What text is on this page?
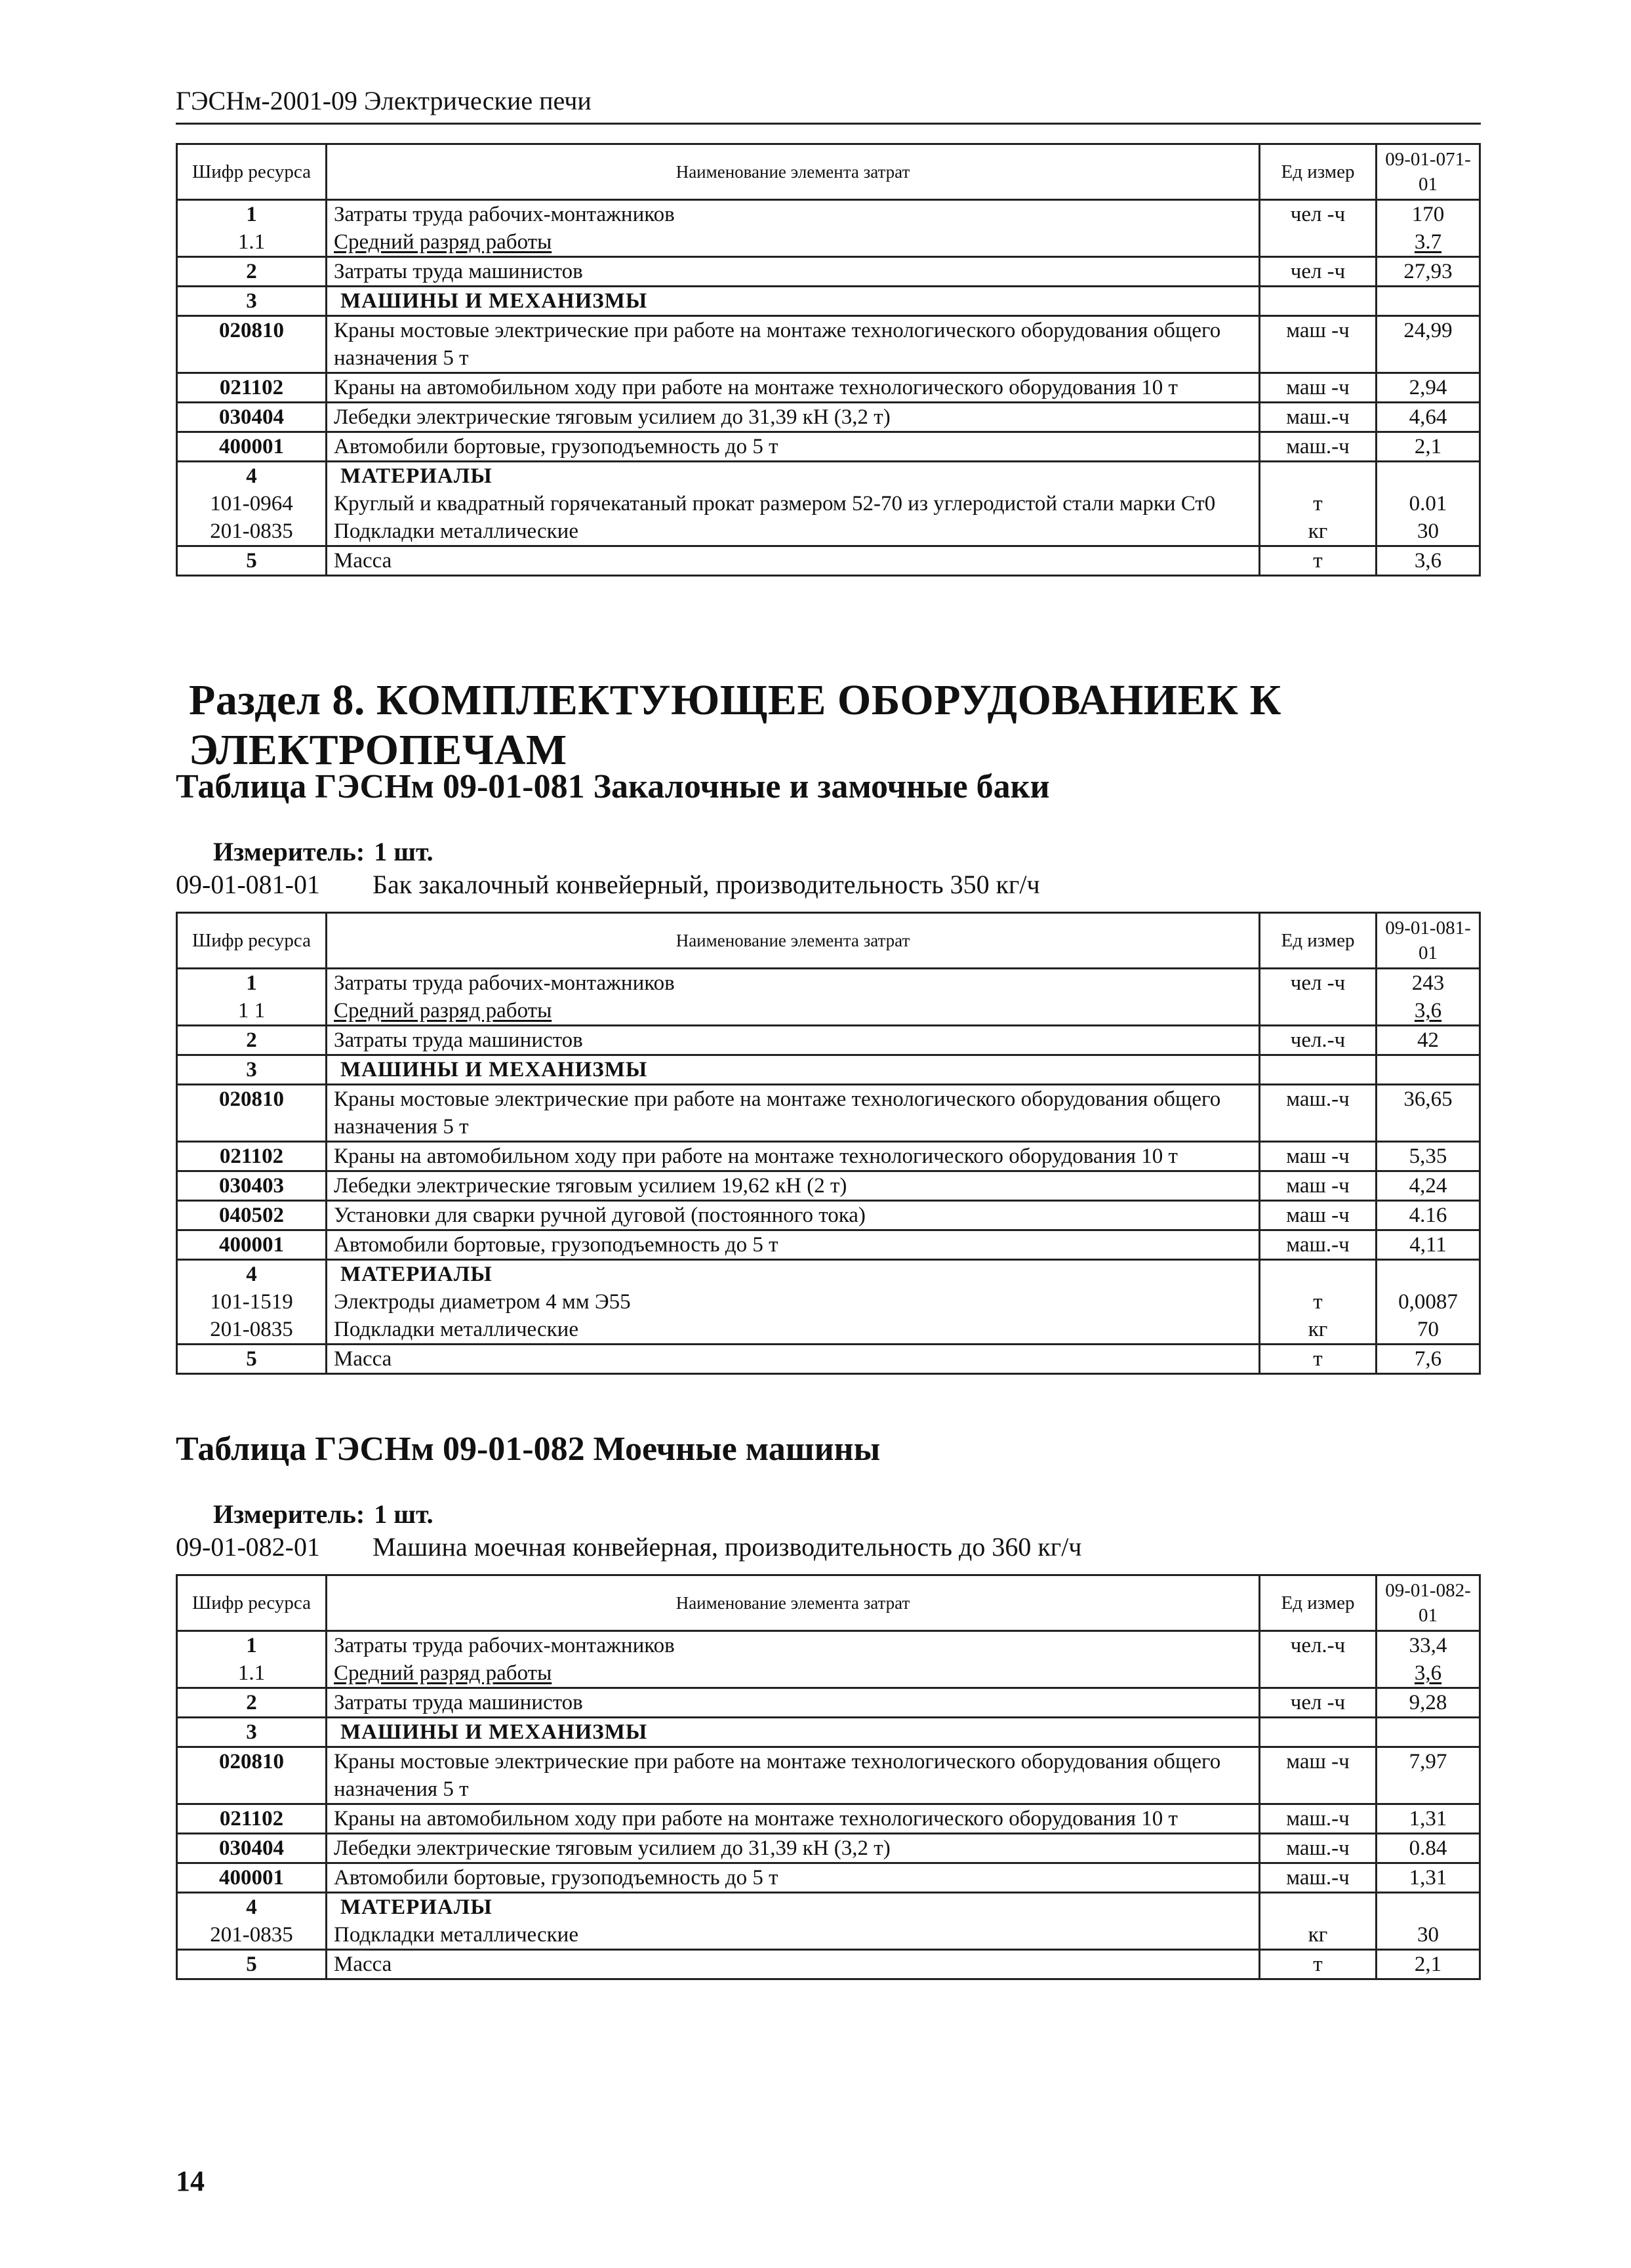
ГЭСНм-2001-09 Электрические печи
Шифр ресурса	Наименование элемента затрат	Ед измер	09-01-071-01
1	Затраты труда рабочих-монтажников	чел -ч	170
1.1	Средний разряд работы		3.7
2	Затраты труда машинистов	чел -ч	27,93
3	МАШИНЫ И МЕХАНИЗМЫ		
020810	Краны мостовые электрические при работе на монтаже технологического оборудования общего назначения 5 т	маш -ч	24,99
021102	Краны на автомобильном ходу при работе на монтаже технологического оборудования 10 т	маш -ч	2,94
030404	Лебедки электрические тяговым усилием до 31,39 кН (3,2 т)	маш.-ч	4,64
400001	Автомобили бортовые, грузоподъемность до 5 т	маш.-ч	2,1
4	МАТЕРИАЛЫ		
101-0964	Круглый и квадратный горячекатаный прокат размером 52-70 из углеродистой стали марки Ст0	т	0.01
201-0835	Подкладки металлические	кг	30
5	Масса	т	3,6
Раздел 8. КОМПЛЕКТУЮЩЕЕ ОБОРУДОВАНИЕК К ЭЛЕКТРОПЕЧАМ
Таблица ГЭСНм 09-01-081 Закалочные и замочные баки
Измеритель: 1 шт.
09-01-081-01 Бак закалочный конвейерный, производительность 350 кг/ч
Шифр ресурса	Наименование элемента затрат	Ед измер	09-01-081-01
1	Затраты труда рабочих-монтажников	чел -ч	243
1 1	Средний разряд работы		3,6
2	Затраты труда машинистов	чел.-ч	42
3	МАШИНЫ И МЕХАНИЗМЫ		
020810	Краны мостовые электрические при работе на монтаже технологического оборудования общего назначения 5 т	маш.-ч	36,65
021102	Краны на автомобильном ходу при работе на монтаже технологического оборудования 10 т	маш -ч	5,35
030403	Лебедки электрические тяговым усилием 19,62 кН (2 т)	маш -ч	4,24
040502	Установки для сварки ручной дуговой (постоянного тока)	маш -ч	4.16
400001	Автомобили бортовые, грузоподъемность до 5 т	маш.-ч	4,11
4	МАТЕРИАЛЫ		
101-1519	Электроды диаметром 4 мм Э55	т	0,0087
201-0835	Подкладки металлические	кг	70
5	Масса	т	7,6
Таблица ГЭСНм 09-01-082 Моечные машины
Измеритель: 1 шт.
09-01-082-01 Машина моечная конвейерная, производительность до 360 кг/ч
Шифр ресурса	Наименование элемента затрат	Ед измер	09-01-082-01
1	Затраты труда рабочих-монтажников	чел.-ч	33,4
1.1	Средний разряд работы		3,6
2	Затраты труда машинистов	чел -ч	9,28
3	МАШИНЫ И МЕХАНИЗМЫ		
020810	Краны мостовые электрические при работе на монтаже технологического оборудования общего назначения 5 т	маш -ч	7,97
021102	Краны на автомобильном ходу при работе на монтаже технологического оборудования 10 т	маш.-ч	1,31
030404	Лебедки электрические тяговым усилием до 31,39 кН (3,2 т)	маш.-ч	0.84
400001	Автомобили бортовые, грузоподъемность до 5 т	маш.-ч	1,31
4	МАТЕРИАЛЫ		
201-0835	Подкладки металлические	кг	30
5	Масса	т	2,1
14
